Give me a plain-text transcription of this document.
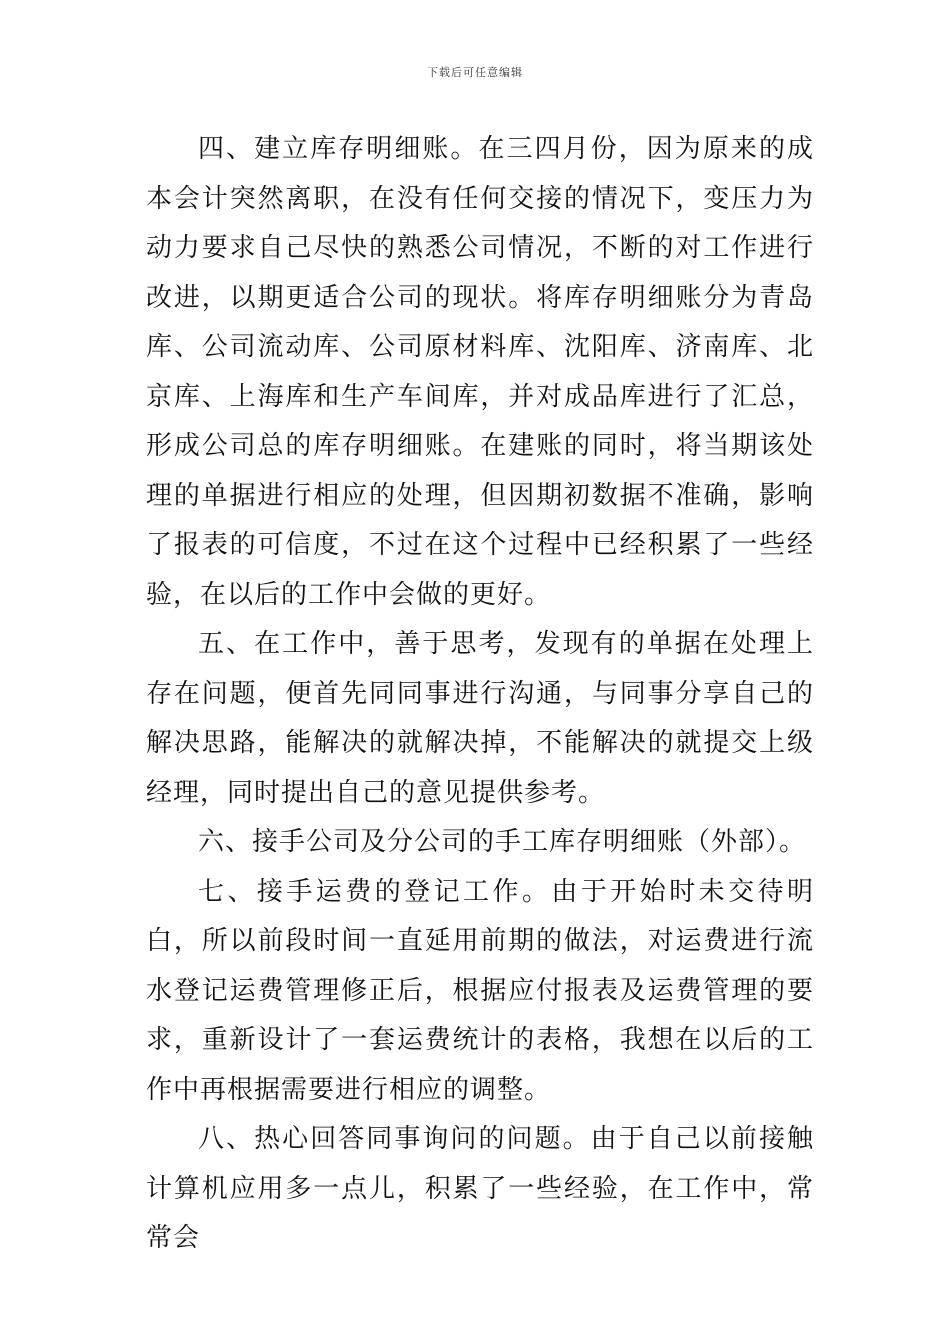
下载后可任意编辑

四、建立库存明细账。在三四月份，因为原来的成本会计突然离职，在没有任何交接的情况下，变压力为动力要求自己尽快的熟悉公司情况，不断的对工作进行改进，以期更适合公司的现状。将库存明细账分为青岛库、公司流动库、公司原材料库、沈阳库、济南库、北京库、上海库和生产车间库，并对成品库进行了汇总，形成公司总的库存明细账。在建账的同时，将当期该处理的单据进行相应的处理，但因期初数据不准确，影响了报表的可信度，不过在这个过程中已经积累了一些经验，在以后的工作中会做的更好。

五、在工作中，善于思考，发现有的单据在处理上存在问题，便首先同同事进行沟通，与同事分享自己的解决思路，能解决的就解决掉，不能解决的就提交上级经理，同时提出自己的意见提供参考。

六、接手公司及分公司的手工库存明细账（外部）。

七、接手运费的登记工作。由于开始时未交待明白，所以前段时间一直延用前期的做法，对运费进行流水登记运费管理修正后，根据应付报表及运费管理的要求，重新设计了一套运费统计的表格，我想在以后的工作中再根据需要进行相应的调整。

八、热心回答同事询问的问题。由于自己以前接触计算机应用多一点儿，积累了一些经验，在工作中，常常会
